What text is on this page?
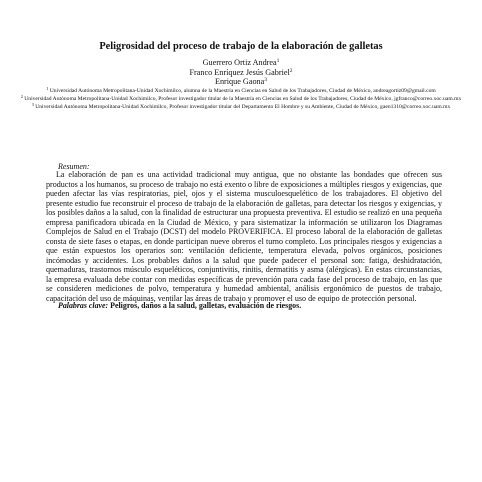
Peligrosidad del proceso de trabajo de la elaboración de galletas
Guerrero Ortiz Andrea$^1$
Franco Enríquez Jesús Gabriel$^2$
Enrique Gaona$^3$

$^1$ Universidad Autónoma Metropolitana-Unidad Xochimilco, alumna de la Maestría en Ciencias en Salud de los Trabajadores, Ciudad de México, andreagortiz09@gmail.com

$^2$ Universidad Autónoma Metropolitana-Unidad Xochimilco, Profesor investigador titular de la Maestría en Ciencias en Salud de los Trabajadores, Ciudad de México, jgfranco@correo.xoc.uam.mx

$^3$ Universidad Autónoma Metropolitana-Unidad Xochimilco, Profesor investigador titular del Departamento El Hombre y su Ambiente, Ciudad de México, gaen1310@correo.xoc.uam.mx

Resumen:

La elaboración de pan es una actividad tradicional muy antigua, que no obstante las bondades que ofrecen sus productos a los humanos, su proceso de trabajo no está exento o libre de exposiciones a múltiples riesgos y exigencias, que pueden afectar las vías respiratorias, piel, ojos y el sistema musculoesquelético de los trabajadores. El objetivo del presente estudio fue reconstruir el proceso de trabajo de la elaboración de galletas, para detectar los riesgos y exigencias, y los posibles daños a la salud, con la finalidad de estructurar una propuesta preventiva. El estudio se realizó en una pequeña empresa panificadora ubicada en la Ciudad de México, y para sistematizar la información se utilizaron los Diagramas Complejos de Salud en el Trabajo (DCST) del modelo PROVERIFICA. El proceso laboral de la elaboración de galletas consta de siete fases o etapas, en donde participan nueve obreros el turno completo. Los principales riesgos y exigencias a que están expuestos los operarios son: ventilación deficiente, temperatura elevada, polvos orgánicos, posiciones incómodas y accidentes. Los probables daños a la salud que puede padecer el personal son: fatiga, deshidratación, quemaduras, trastornos músculo esqueléticos, conjuntivitis, rinitis, dermatitis y asma (alérgicas). En estas circunstancias, la empresa evaluada debe contar con medidas específicas de prevención para cada fase del proceso de trabajo, en las que se consideren mediciones de polvo, temperatura y humedad ambiental, análisis ergonómico de puestos de trabajo, capacitación del uso de máquinas, ventilar las áreas de trabajo y promover el uso de equipo de protección personal.

Palabras clave: Peligros, daños a la salud, galletas, evaluación de riesgos.
